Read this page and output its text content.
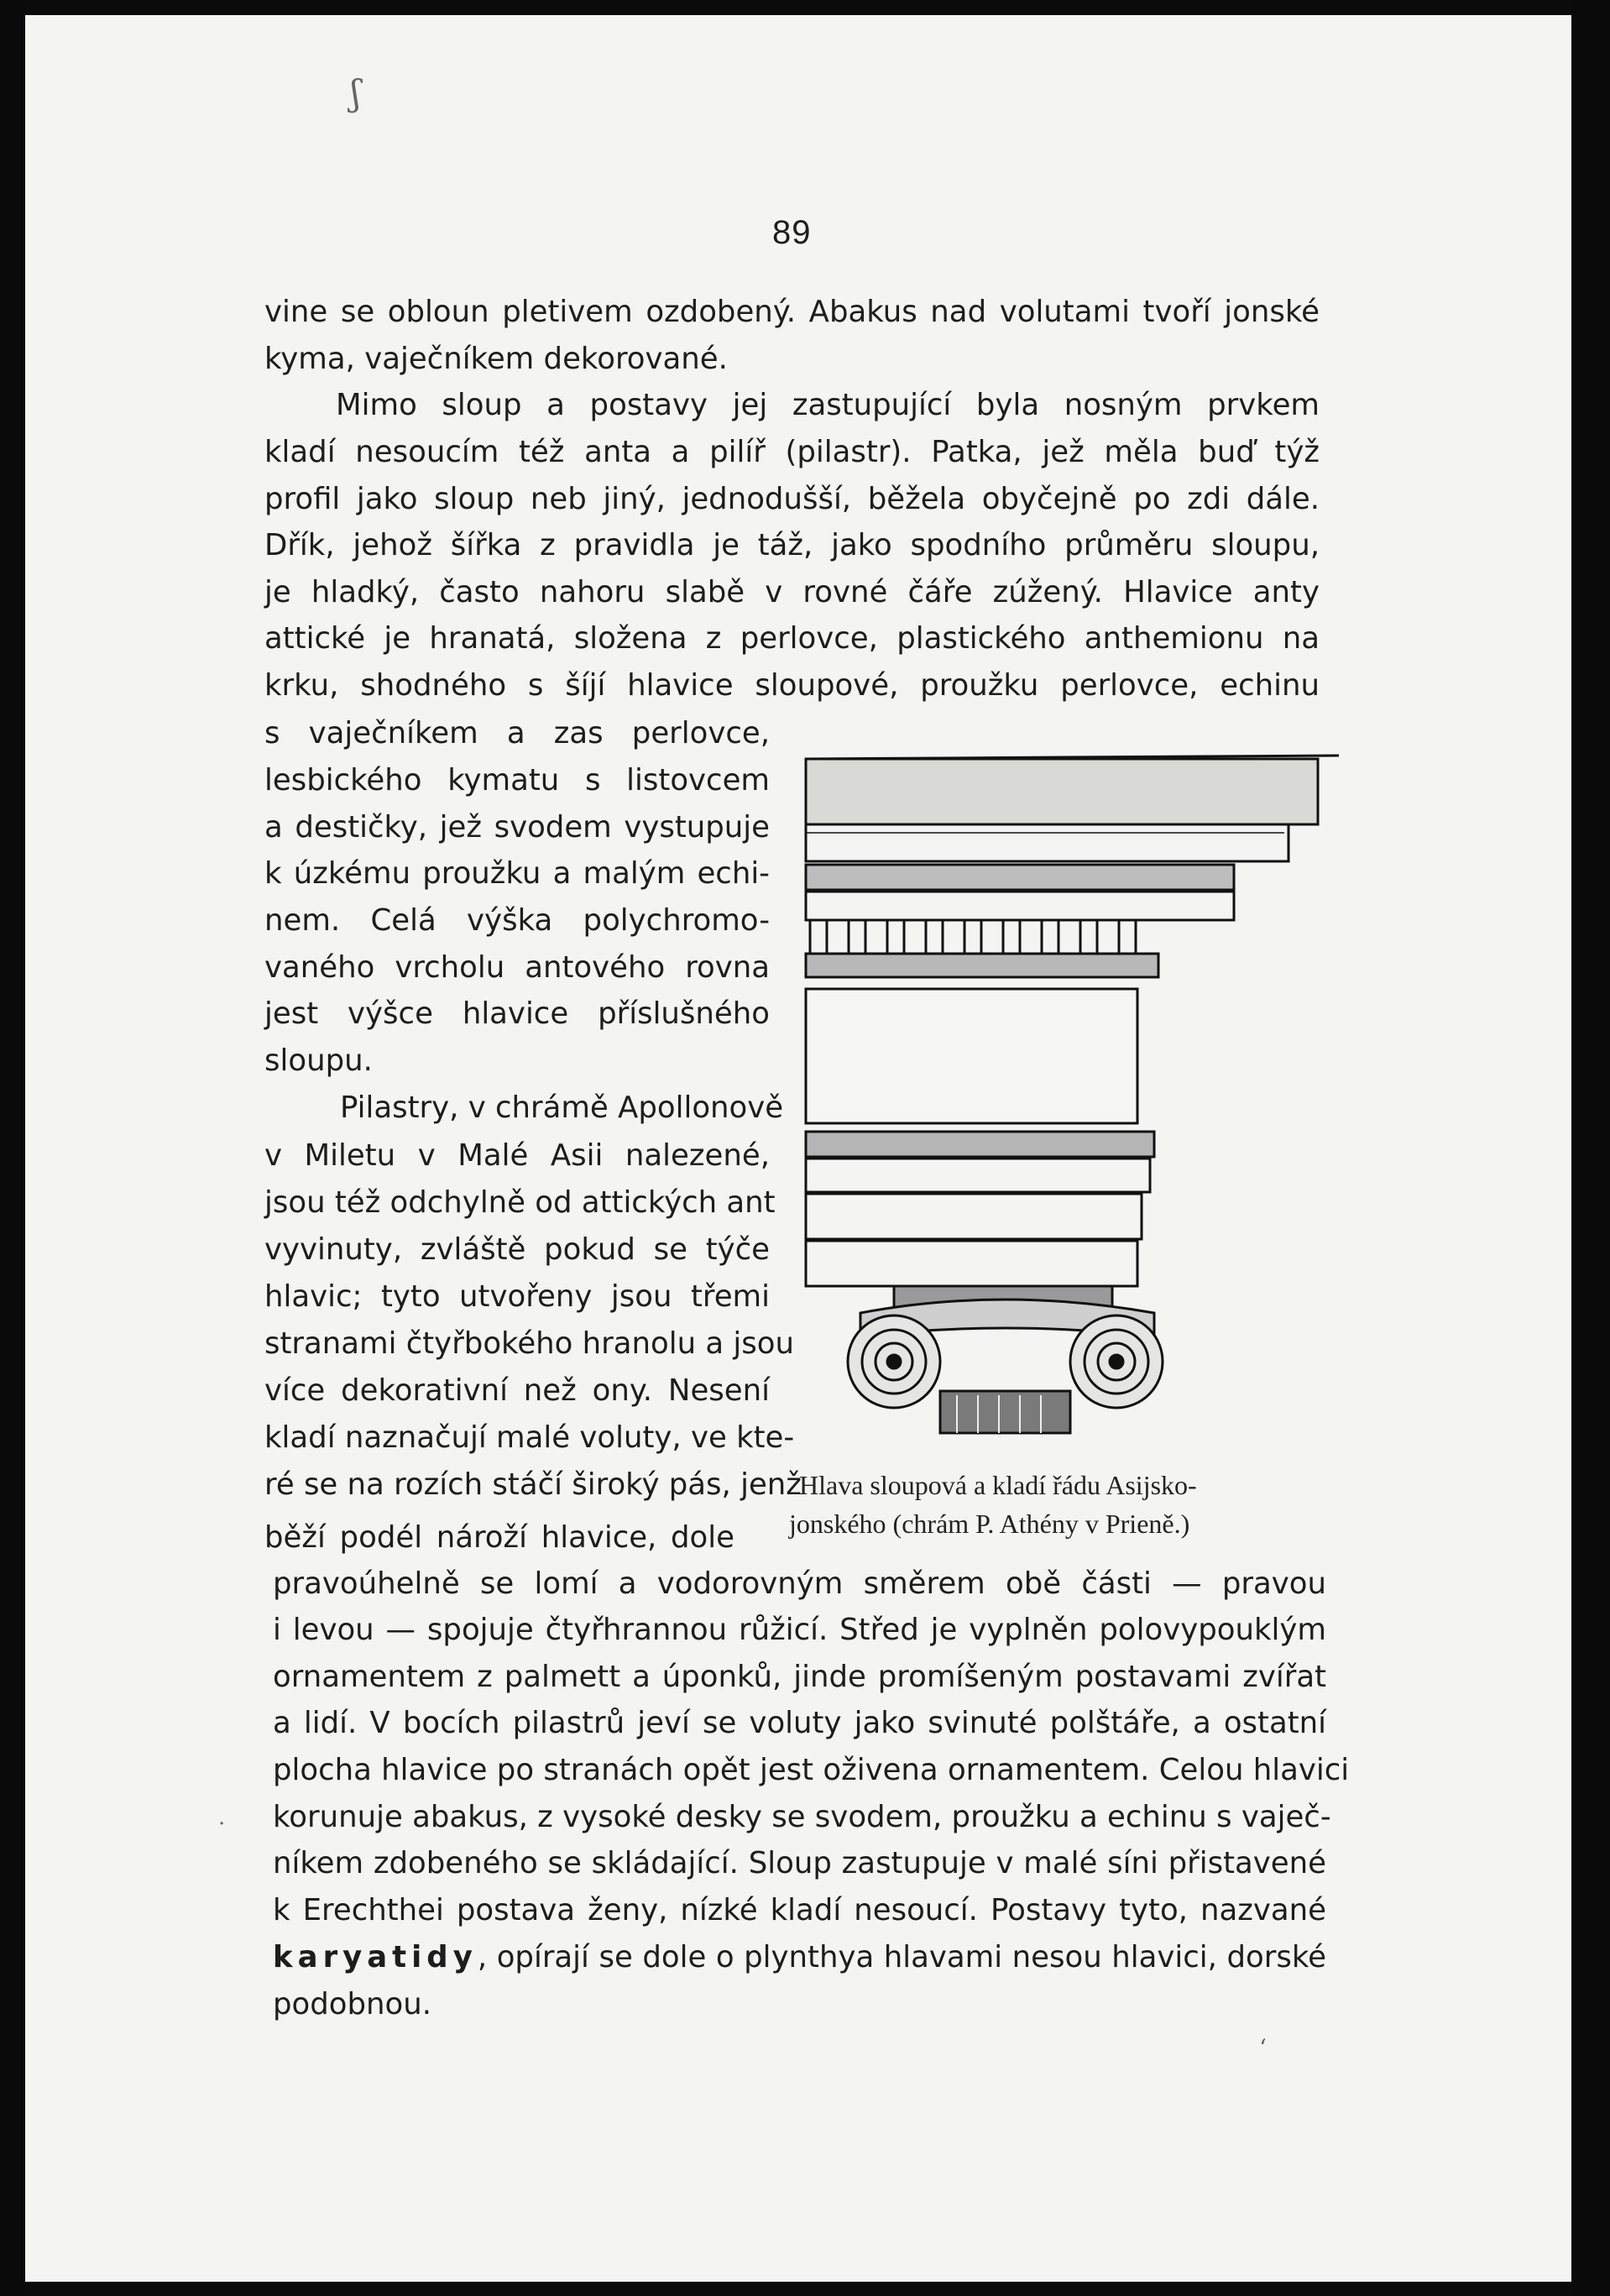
ʃ
·
ʻ
89
vine se obloun pletivem ozdobený. Abakus nad volutami tvoří jonské
kyma, vaječníkem dekorované.
Mimo sloup a postavy jej zastupující byla nosným prvkem
kladí nesoucím též anta a pilíř (pilastr). Patka, jež měla buď týž
profil jako sloup neb jiný, jednodušší, běžela obyčejně po zdi dále.
Dřík, jehož šířka z pravidla je táž, jako spodního průměru sloupu,
je hladký, často nahoru slabě v rovné čáře zúžený. Hlavice anty
attické je hranatá, složena z perlovce, plastického anthemionu na
krku, shodného s šíjí hlavice sloupové, proužku perlovce, echinu
s vaječníkem a zas perlovce,
lesbického kymatu s listovcem
a destičky, jež svodem vystupuje
k úzkému proužku a malým echi-
nem. Celá výška polychromo-
vaného vrcholu antového rovna
jest výšce hlavice příslušného
sloupu.
Pilastry, v chrámě Apollonově
v Miletu v Malé Asii nalezené,
jsou též odchylně od attických ant
vyvinuty, zvláště pokud se týče
hlavic; tyto utvořeny jsou třemi
stranami čtyřbokého hranolu a jsou
více dekorativní než ony. Nesení
kladí naznačují malé voluty, ve kte-
ré se na rozích stáčí široký pás, jenž
běží podél nároží hlavice, dole
Hlava sloupová a kladí řádu Asijsko-
jonského (chrám P. Athény v Prieně.)
pravoúhelně se lomí a vodorovným směrem obě části — pravou
i levou — spojuje čtyřhrannou růžicí. Střed je vyplněn polovypouklým
ornamentem z palmett a úponků, jinde promíšeným postavami zvířat
a lidí. V bocích pilastrů jeví se voluty jako svinuté polštáře, a ostatní
plocha hlavice po stranách opět jest oživena ornamentem. Celou hlavici
korunuje abakus, z vysoké desky se svodem, proužku a echinu s vaječ-
níkem zdobeného se skládající. Sloup zastupuje v malé síni přistavené
k Erechthei postava ženy, nízké kladí nesoucí. Postavy tyto, nazvané
karyatidy, opírají se dole o plynthya hlavami nesou hlavici, dorské
podobnou.
